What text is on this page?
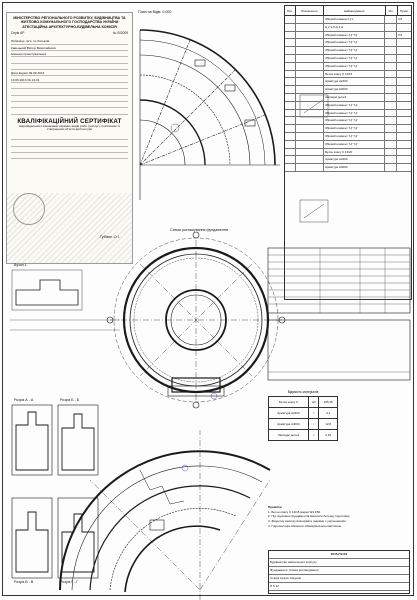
МІНІСТЕРСТВО РЕГІОНАЛЬНОГО РОЗВИТКУ, БУДІВНИЦТВА ТА ЖИТЛОВО-КОМУНАЛЬНОГО ГОСПОДАРСТВА УКРАЇНИ
АТЕСТАЦІЙНА АРХІТЕКТУРНО-БУДІВЕЛЬНА КОМІСІЯ
Серія АР	№ 002009
Прізвище, ім'я, по батькові
Кавецький Віктор Миколайович
інженер-проектувальник

Дата видачі 09.09.2013
13.09.2013 № 13-01

КВАЛІФІКАЦІЙНИЙ СЕРТИФІКАТ
відповідального виконавця окремих видів робіт (послуг), пов'язаних із створенням об'єкта архітектури

Губань О.І.
План на Відм. 0,000
Схема розташування фундаментів
Розріз А - А	Розріз Б - Б
Розріз В - В	Розріз Г - Г
Вузол 1
Поз.	Позначення	Найменування	Кіл.	Прим.
Збірний елемент Ц 1	3,5
Ц 2 а-б ф 2 м
Збірний елемент "Ц" "Ц"	0,5
Збірний елемент "Ц" "Ц"
Збірний елемент "Ц" "Ц"
Збірний елемент "Ц" "Ц"
Збірний елемент "Ц" "Ц"
Бетон класу С 12/15
Арматура A240C
Арматура A400C
Закладні деталі
Збірний елемент "Ц" "Ц"
Збірний елемент "Ц" "Ц"
Збірний елемент "Ц" "Ц"
Збірний елемент "Ц" "Ц"
Збірний елемент "Ц" "Ц"
Збірний елемент "Ц" "Ц"
Бетон класу С 16/20
Арматура A240C
Арматура A400C
Відомість матеріалів
Бетон класу С	м3	165,46
Арматура A240C	т	3,2
Арматура A400C	т	12,8
Закладні деталі	т	0,64
Примітки
1. Бетон класу С 12/15 марки W4 F50.
2. Під підошвою фундаментів виконати бетонну підготовку.
3. Зворотну засипку виконувати шарами з ущільненням.
4. Гідроізоляцію виконати обмазувальною мастикою.
2015-ПЗ-КЗ
Будівництво навчального корпусу
Фундаменти. Схема розташування
Стадія Аркуш Аркушів
П 5 12
